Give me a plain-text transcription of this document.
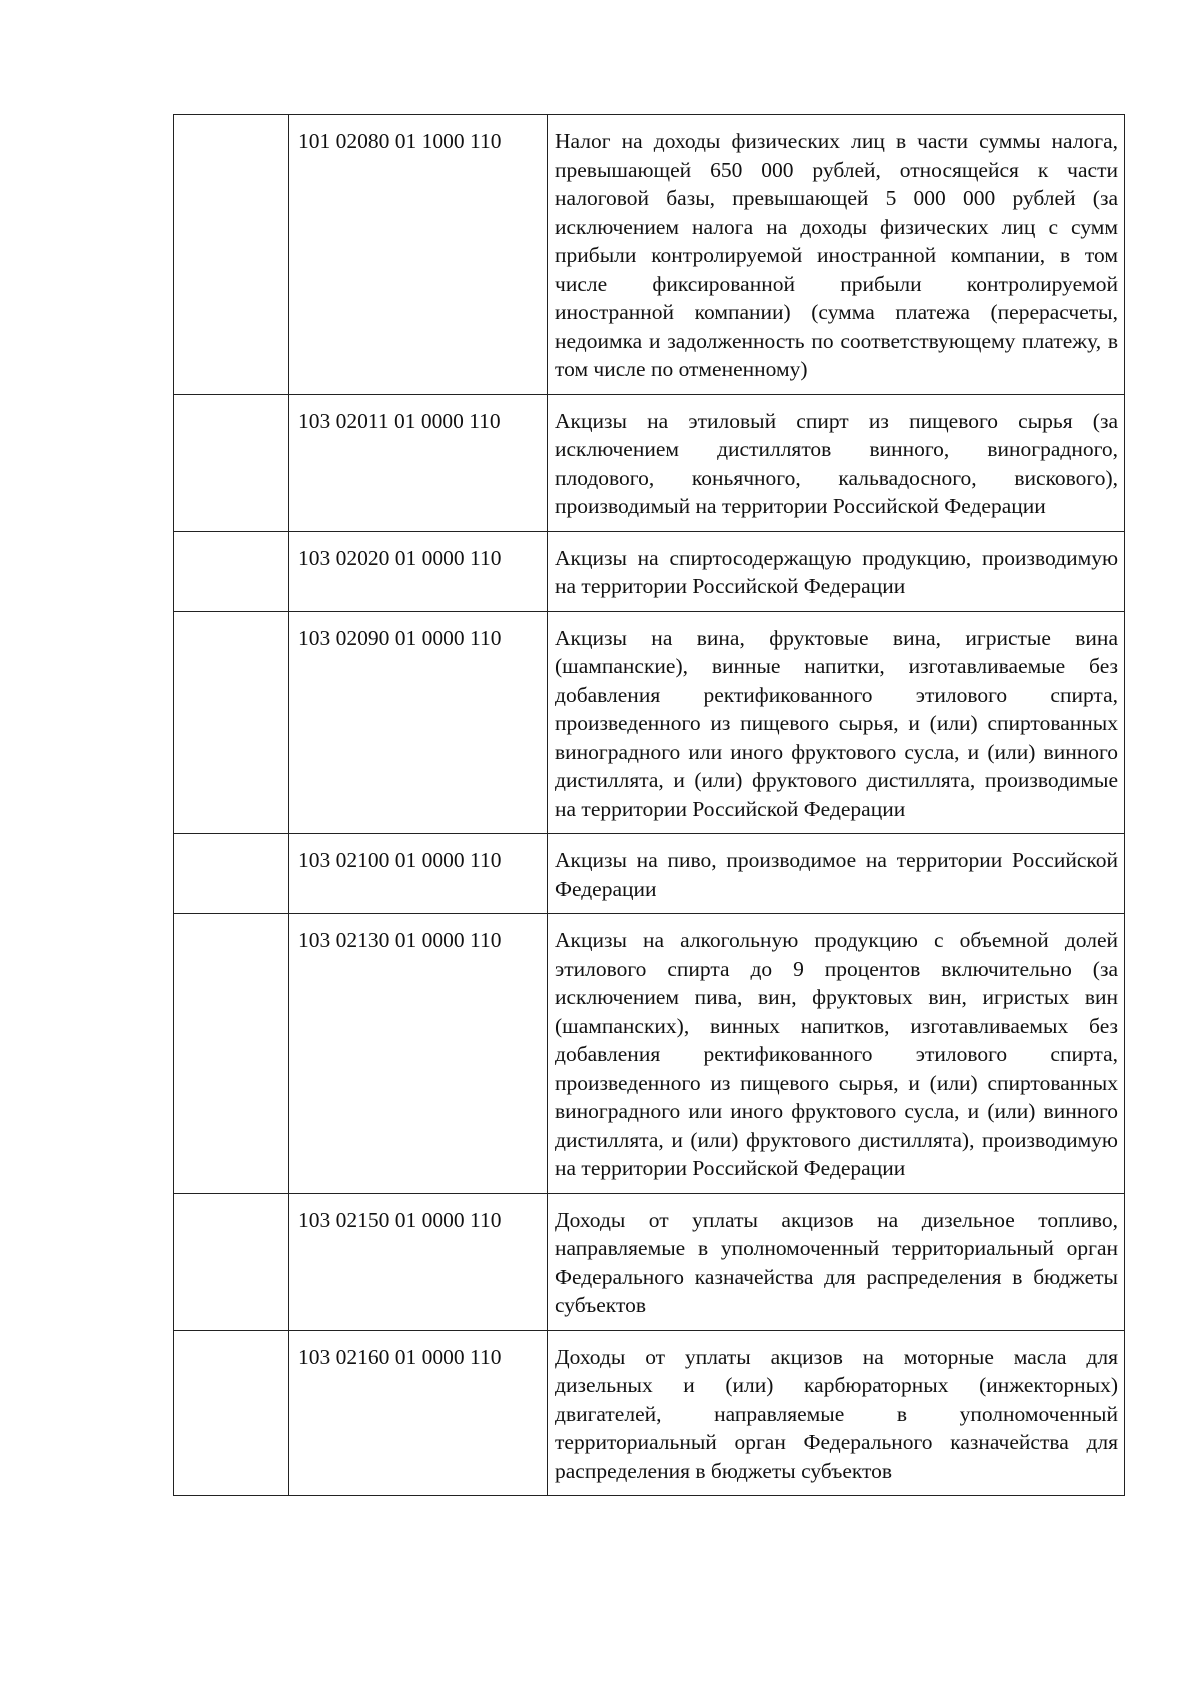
	101 02080 01 1000 110	Налог на доходы физических лиц в части суммы налога, превышающей 650 000 рублей, относящейся к части налоговой базы, превышающей 5 000 000 рублей (за исключением налога на доходы физических лиц с сумм прибыли контролируемой иностранной компании, в том числе фиксированной прибыли контролируемой иностранной компании) (сумма платежа (перерасчеты, недоимка и задолженность по соответствующему платежу, в том числе по отмененному)
	103 02011 01 0000 110	Акцизы на этиловый спирт из пищевого сырья (за исключением дистиллятов винного, виноградного, плодового, коньячного, кальвадосного, вискового), производимый на территории Российской Федерации
	103 02020 01 0000 110	Акцизы на спиртосодержащую продукцию, производимую на территории Российской Федерации
	103 02090 01 0000 110	Акцизы на вина, фруктовые вина, игристые вина (шампанские), винные напитки, изготавливаемые без добавления ректификованного этилового спирта, произведенного из пищевого сырья, и (или) спиртованных виноградного или иного фруктового сусла, и (или) винного дистиллята, и (или) фруктового дистиллята, производимые на территории Российской Федерации
	103 02100 01 0000 110	Акцизы на пиво, производимое на территории Российской Федерации
	103 02130 01 0000 110	Акцизы на алкогольную продукцию с объемной долей этилового спирта до 9 процентов включительно (за исключением пива, вин, фруктовых вин, игристых вин (шампанских), винных напитков, изготавливаемых без добавления ректификованного этилового спирта, произведенного из пищевого сырья, и (или) спиртованных виноградного или иного фруктового сусла, и (или) винного дистиллята, и (или) фруктового дистиллята), производимую на территории Российской Федерации
	103 02150 01 0000 110	Доходы от уплаты акцизов на дизельное топливо, направляемые в уполномоченный территориальный орган Федерального казначейства для распределения в бюджеты субъектов
	103 02160 01 0000 110	Доходы от уплаты акцизов на моторные масла для дизельных и (или) карбюраторных (инжекторных) двигателей, направляемые в уполномоченный территориальный орган Федерального казначейства для распределения в бюджеты субъектов
